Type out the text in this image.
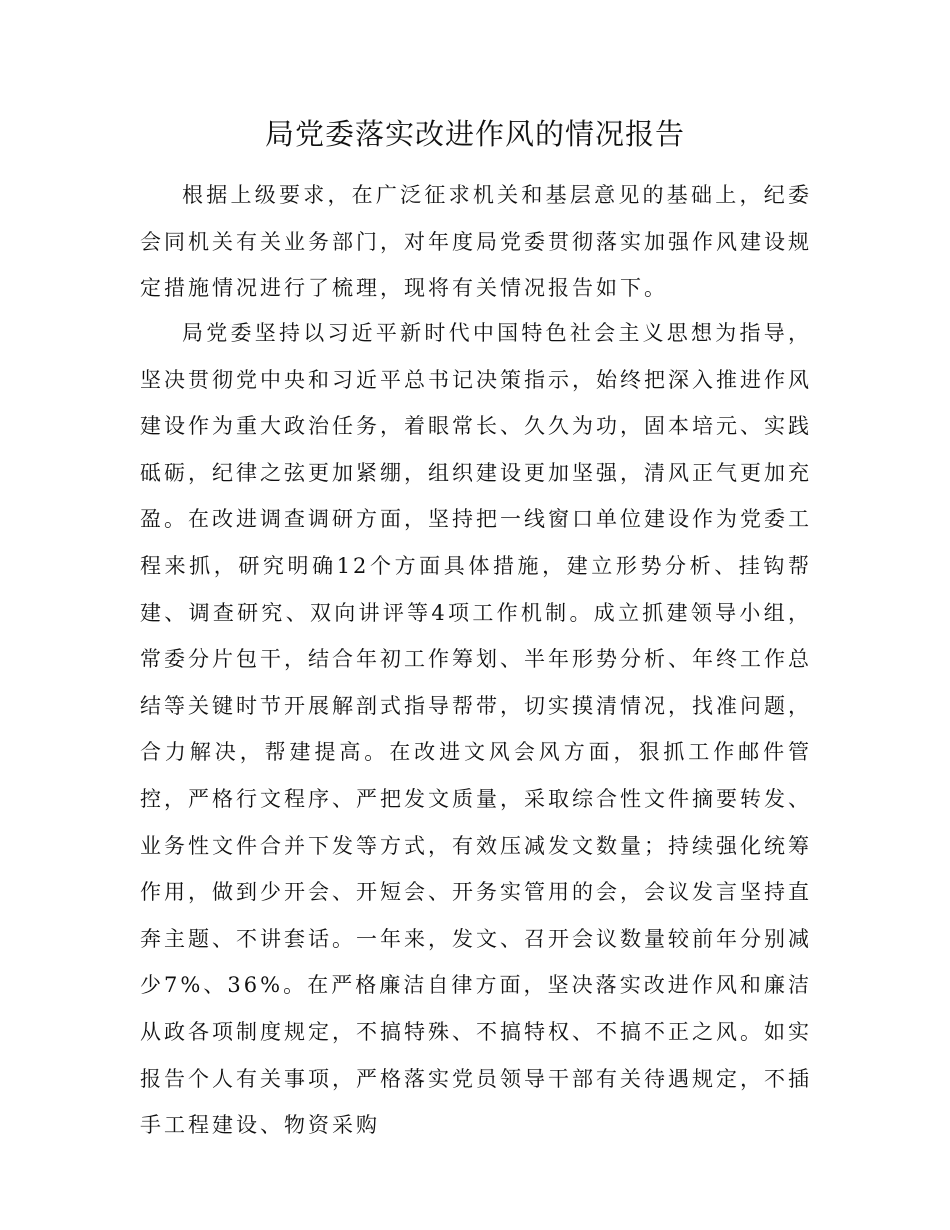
局党委落实改进作风的情况报告

根据上级要求，在广泛征求机关和基层意见的基础上，纪委会同机关有关业务部门，对年度局党委贯彻落实加强作风建设规定措施情况进行了梳理，现将有关情况报告如下。

局党委坚持以习近平新时代中国特色社会主义思想为指导，坚决贯彻党中央和习近平总书记决策指示，始终把深入推进作风建设作为重大政治任务，着眼常长、久久为功，固本培元、实践砥砺，纪律之弦更加紧绷，组织建设更加坚强，清风正气更加充盈。在改进调查调研方面，坚持把一线窗口单位建设作为党委工程来抓，研究明确12个方面具体措施，建立形势分析、挂钩帮建、调查研究、双向讲评等4项工作机制。成立抓建领导小组，常委分片包干，结合年初工作筹划、半年形势分析、年终工作总结等关键时节开展解剖式指导帮带，切实摸清情况，找准问题，合力解决，帮建提高。在改进文风会风方面，狠抓工作邮件管控，严格行文程序、严把发文质量，采取综合性文件摘要转发、业务性文件合并下发等方式，有效压减发文数量；持续强化统筹作用，做到少开会、开短会、开务实管用的会，会议发言坚持直奔主题、不讲套话。一年来，发文、召开会议数量较前年分别减少7%、36%。在严格廉洁自律方面，坚决落实改进作风和廉洁从政各项制度规定，不搞特殊、不搞特权、不搞不正之风。如实报告个人有关事项，严格落实党员领导干部有关待遇规定，不插手工程建设、物资采购
